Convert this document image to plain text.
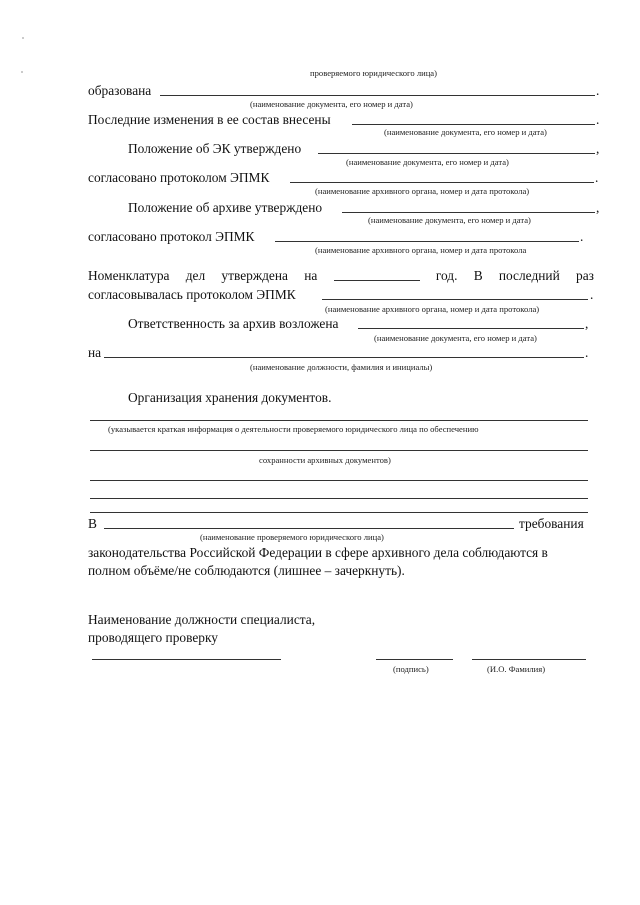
проверяемого юридического лица)
образована	.
(наименование документа, его номер и дата)
Последние изменения в ее состав внесены	.
(наименование документа, его номер и дата)
Положение об ЭК утверждено	,
(наименование документа, его номер и дата)
согласовано протоколом ЭПМК	.
(наименование архивного органа, номер и дата протокола)
Положение об архиве утверждено	,
(наименование документа, его номер и дата)
согласовано протокол ЭПМК	.
(наименование архивного органа, номер и дата протокола
Номенклатура дел утверждена на	год. В последний раз
согласовывалась протоколом ЭПМК	.
(наименование архивного органа, номер и дата протокола)
Ответственность за архив возложена	,
(наименование документа, его номер и дата)
на	.
(наименование должности, фамилия и инициалы)
Организация хранения документов.
(указывается краткая информация о деятельности проверяемого юридического лица по обеспечению
сохранности архивных документов)
В	требования
(наименование проверяемого юридического лица)
законодательства Российской Федерации в сфере архивного дела соблюдаются в
полном объёме/не соблюдаются (лишнее – зачеркнуть).
Наименование должности специалиста,
проводящего проверку
(подпись)	(И.О. Фамилия)
